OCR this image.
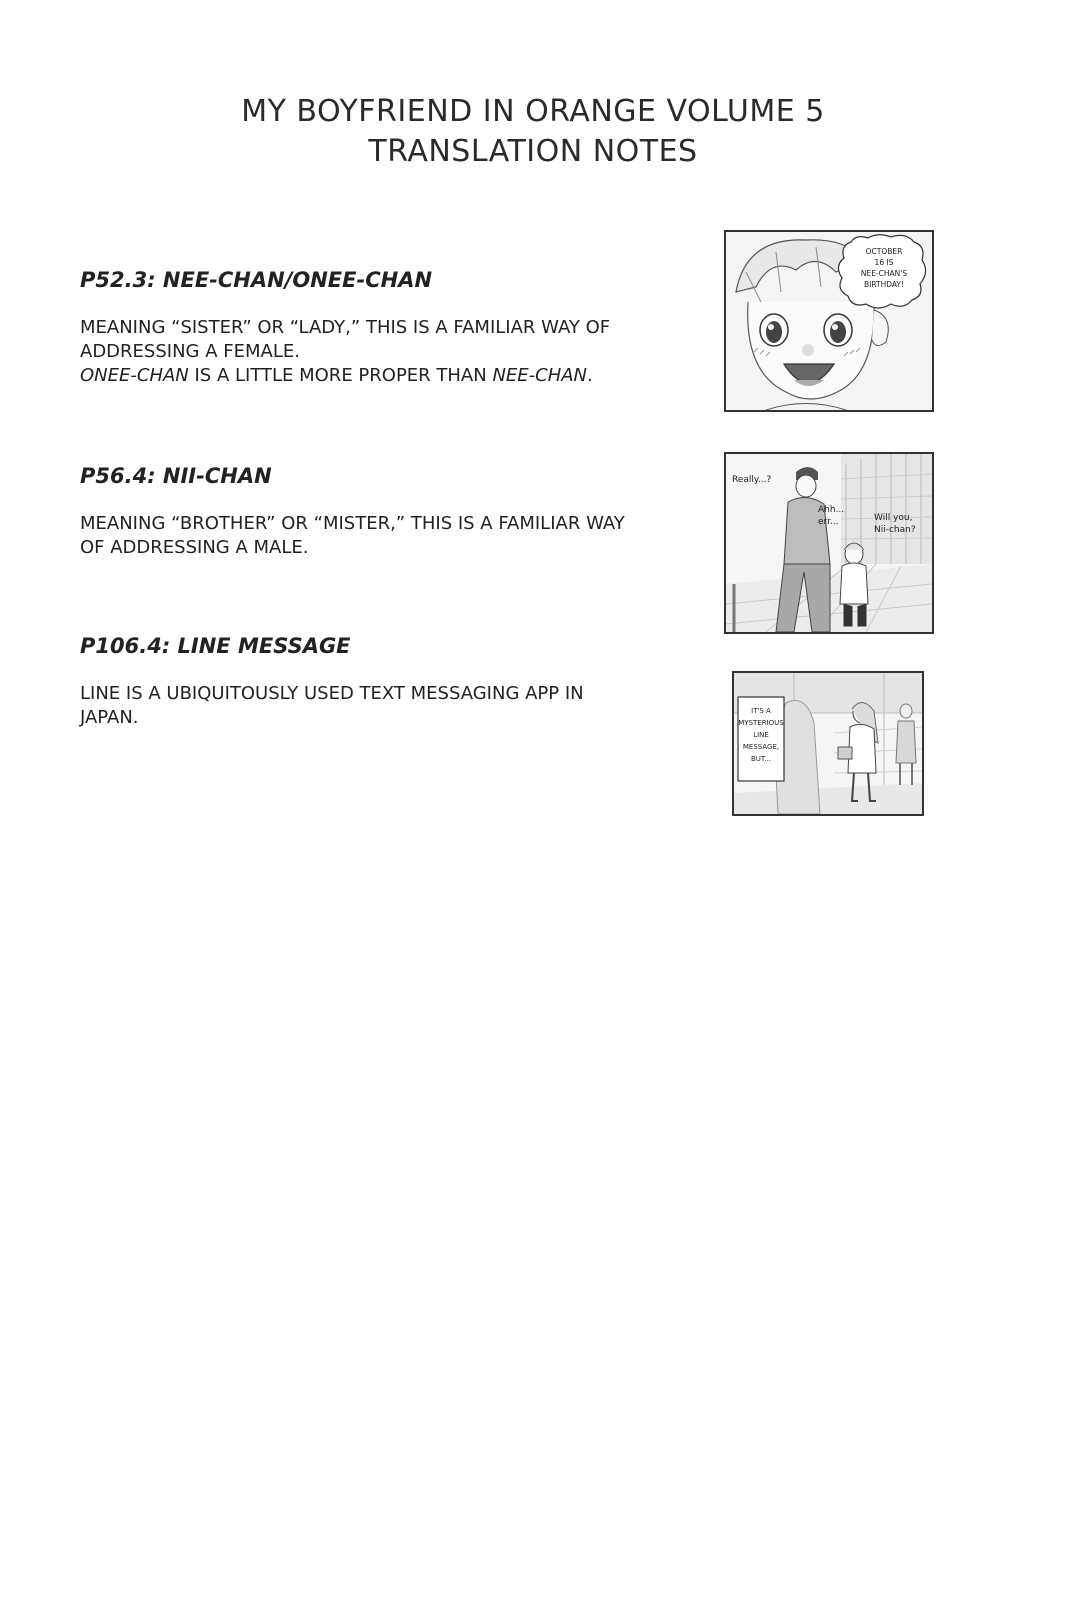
MY BOYFRIEND IN ORANGE VOLUME 5
TRANSLATION NOTES
P52.3: NEE-CHAN/ONEE-CHAN
MEANING “SISTER” OR “LADY,” THIS IS A FAMILIAR WAY OF
ADDRESSING A FEMALE.
ONEE-CHAN IS A LITTLE MORE PROPER THAN NEE-CHAN.
P56.4: NII-CHAN
MEANING “BROTHER” OR “MISTER,” THIS IS A FAMILIAR WAY
OF ADDRESSING A MALE.
P106.4: LINE MESSAGE
LINE IS A UBIQUITOUSLY USED TEXT MESSAGING APP IN
JAPAN.
OCTOBER
16 IS
NEE-CHAN'S
BIRTHDAY!
Really...?
Ahh...
err...	Will you,
Nii-chan?
IT'S A
MYSTERIOUS
LINE
MESSAGE,
BUT...
